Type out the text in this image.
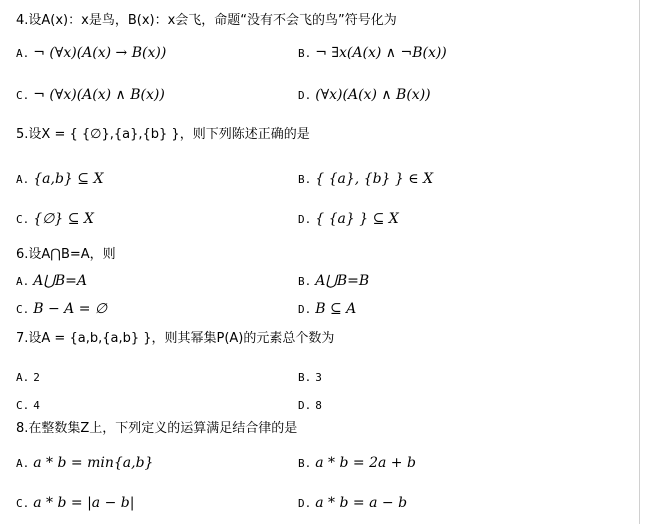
4.设A(x)：x是鸟，B(x)：x会飞，命题“没有不会飞的鸟”符号化为
A. ¬ (∀x)(A(x) → B(x))	B. ¬ ∃x(A(x) ∧ ¬B(x))
C. ¬ (∀x)(A(x) ∧ B(x))	D. (∀x)(A(x) ∧ B(x))
5.设X = { {∅},{a},{b} }，则下列陈述正确的是
A. {a,b} ⊆ X	B. { {a}, {b} } ∈ X
C. {∅} ⊆ X	D. { {a} } ⊆ X
6.设A⋂B=A，则
A. A⋃B=A	B. A⋃B=B
C. B − A = ∅	D. B ⊆ A
7.设A = {a,b,{a,b} }，则其幂集P(A)的元素总个数为
A. 2	B. 3
C. 4	D. 8
8.在整数集Z上，下列定义的运算满足结合律的是
A. a * b = min{a,b}	B. a * b = 2a + b
C. a * b = |a − b|	D. a * b = a − b
